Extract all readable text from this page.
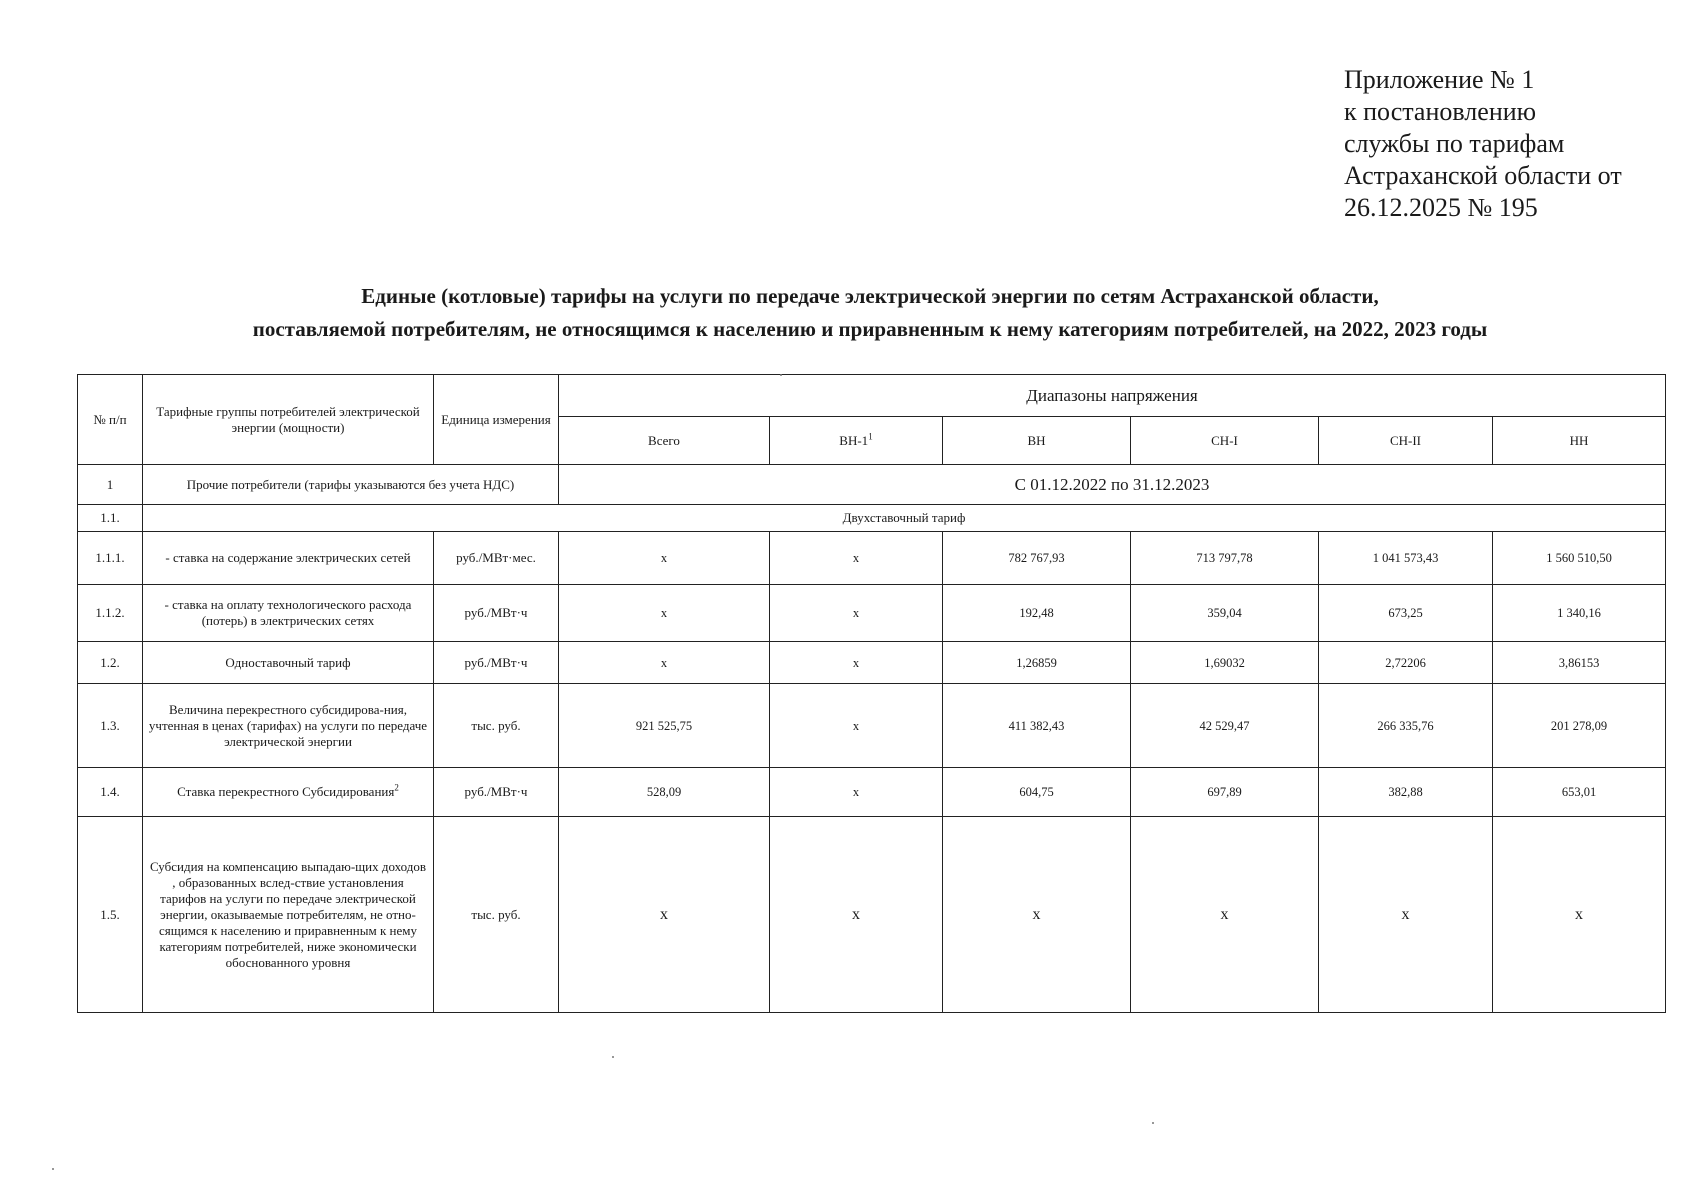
Приложение № 1
к постановлению
службы по тарифам
Астраханской области от
26.12.2025 № 195
Единые (котловые) тарифы на услуги по передаче электрической энергии по сетям Астраханской области,
поставляемой потребителям, не относящимся к населению и приравненным к нему категориям потребителей, на 2022, 2023 годы
№ п/п	Тарифные группы потребителей электрической энергии (мощности)	Единица измерения	Диапазоны напряжения					
			Всего	$ВН-1^1$	ВН	СН-I	СН-II	НН
1	Прочие потребители (тарифы указываются без учета НДС)		С 01.12.2022 по 31.12.2023					
1.1.	Двухставочный тариф							
1.1.1.	- ставка на содержание электрических сетей	руб./МВт·мес.	x	x	782 767,93	713 797,78	1 041 573,43	1 560 510,50
1.1.2.	- ставка на оплату технологического расхода (потерь) в электрических сетях	руб./МВт·ч	x	x	192,48	359,04	673,25	1 340,16
1.2.	Одноставочный тариф	руб./МВт·ч	x	x	1,26859	1,69032	2,72206	3,86153
1.3.	Величина перекрестного субсидирова-ния, учтенная в ценах (тарифах) на услуги по передаче электрической энергии	тыс. руб.	921 525,75	x	411 382,43	42 529,47	266 335,76	201 278,09
1.4.	Ставка перекрестного Субсидирования$^2$	руб./МВт·ч	528,09	x	604,75	697,89	382,88	653,01
1.5.	Субсидия на компенсацию выпадаю-щих доходов , образованных вслед-ствие установления тарифов на услуги по передаче электрической энергии, оказываемые потребителям, не отно-сящимся к населению и приравненным к нему категориям потребителей, ниже экономически обоснованного уровня	тыс. руб.	x	x	x	x	x	x
